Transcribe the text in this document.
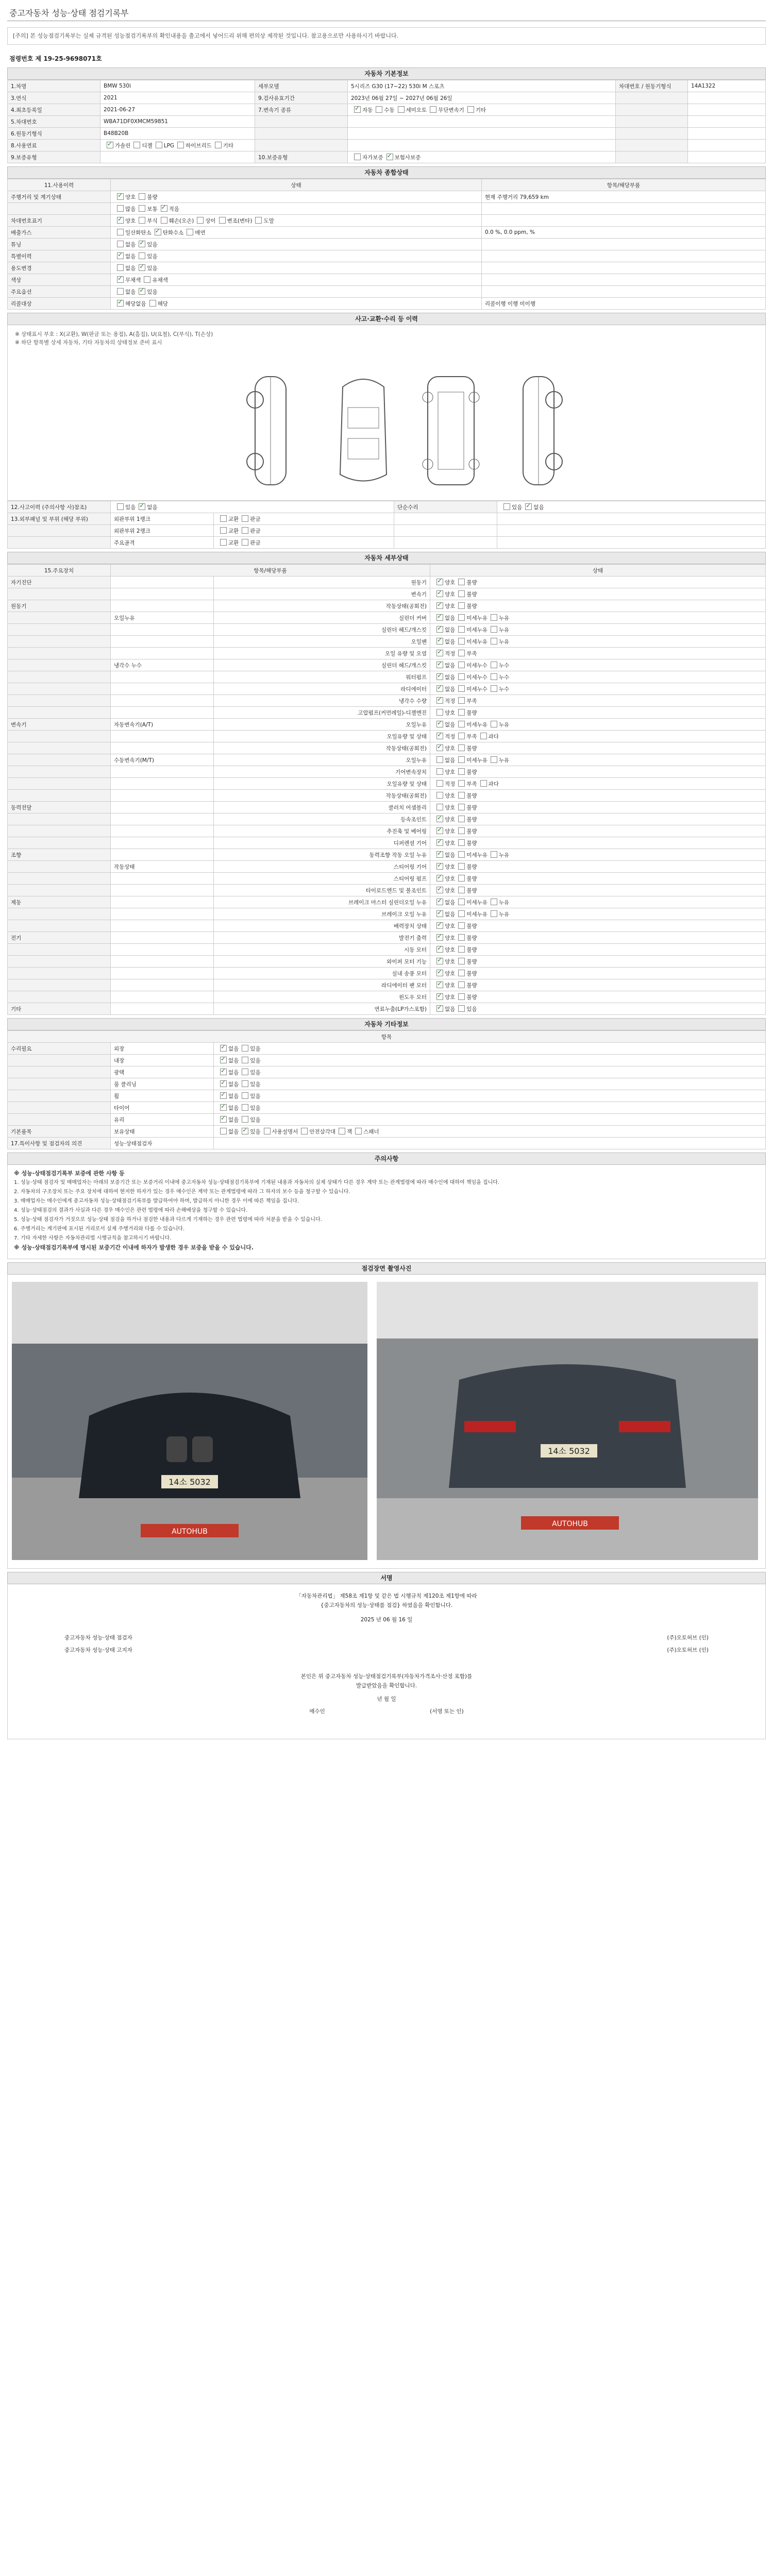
중고자동차 성능·상태 점검기록부
[주의] 본 성능점검기록부는 실제 규격된 성능점검기록부의 확인내용을 출고에서 넣어드리 위해 편의상 제작된 것입니다. 참고용으로만 사용하시기 바랍니다.
점령번호 제 19-25-9698071호
자동차 기본정보
1.차명	BMW 530i	세부모델	5시리즈 G30 (17~22) 530i M 스포츠	차대번호 / 원동기형식	14A1322
3.연식	2021	9.검사유효기간	2023년 06월 27일 ~ 2027년 06월 26일		
4.최초등록일	2021-06-27	7.변속기 종류	✓자동 수동 세미오토 무단변속기 기타		
5.차대번호	WBA71DF0XMCM59851				
6.원동기형식	B48B20B				
8.사용연료	✓가솔린 디젤 LPG 하이브리드 기타				
9.보증유형		10.보증유형	자가보증 ✓ 보험사보증		
자동차 종합상태
11.사용이력	상태	항목/해당부품
주행거리 및 계기상태	✓양호 불량	현재 주행거리 79,659 km
	많음 보통 ✓ 적음	
차대번호표기	✓양호 부식 훼손(오손) 상이 변조(변타) 도말	
배출가스	일산화탄소 ✓ 탄화수소 매연	0.0 %, 0.0 ppm, %
튜닝	없음 ✓ 있음	
특별이력	✓없음 있음	
용도변경	없음 ✓ 있음	
색상	✓무채색 유채색	
주요옵션	없음 ✓ 있음	
리콜대상	✓해당없음 해당	리콜이행 이행 미이행
사고·교환·수리 등 이력
※ 상태표시 부호 : X(교환), W(판금 또는 용접), A(흠집), U(요철), C(부식), T(손상)
※ 하단 항목별 상세 자동차, 기타 자동차의 상태정보 준비 표시
12.사고이력 (주의사항 사)참조)	있음 ✓ 없음		단순수리	있음 ✓ 없음
13.외부패널 및 부위 (해당 부위)	외판부위 1랭크	교환 판금		
	외판부위 2랭크	교환 판금		
	주요골격	교환 판금		
자동차 세부상태
15.주요장치	항목/해당부품		상태
자기진단		원동기	✓양호 불량
		변속기	✓양호 불량
원동기		작동상태(공회전)	✓양호 불량
	오일누유	실린더 커버	✓없음 미세누유 누유
		실린더 헤드/개스킷	✓없음 미세누유 누유
		오일팬	✓없음 미세누유 누유
		오일 유량 및 오염	✓적정 부족
	냉각수 누수	실린더 헤드/개스킷	✓없음 미세누수 누수
		워터펌프	✓없음 미세누수 누수
		라디에이터	✓없음 미세누수 누수
		냉각수 수량	✓적정 부족
		고압펌프(커먼레일)-디젤엔진	양호 불량
변속기	자동변속기(A/T)	오일누유	✓없음 미세누유 누유
		오일유량 및 상태	✓적정 부족 과다
		작동상태(공회전)	✓양호 불량
	수동변속기(M/T)	오일누유	없음 미세누유 누유
		기어변속장치	양호 불량
		오일유량 및 상태	적정 부족 과다
		작동상태(공회전)	양호 불량
동력전달		클러치 어셈블리	양호 불량
		등속조인트	✓양호 불량
		추진축 및 베어링	✓양호 불량
		디퍼렌셜 기어	✓양호 불량
조향		동력조향 작동 오일 누유	✓없음 미세누유 누유
	작동상태	스티어링 기어	✓양호 불량
		스티어링 펌프	✓양호 불량
		타이로드엔드 및 볼조인트	✓양호 불량
제동		브레이크 마스터 실린더오일 누유	✓없음 미세누유 누유
		브레이크 오일 누유	✓없음 미세누유 누유
		배력장치 상태	✓양호 불량
전기		발전기 출력	✓양호 불량
		시동 모터	✓양호 불량
		와이퍼 모터 기능	✓양호 불량
		실내 송풍 모터	✓양호 불량
		라디에이터 팬 모터	✓양호 불량
		윈도우 모터	✓양호 불량
기타		연료누출(LP가스포함)	✓없음 있음
자동차 기타정보
항목		
수리필요	외장	✓없음 있음
	내장	✓없음 있음
	광택	✓없음 있음
	룸 클리닝	✓없음 있음
	휠	✓없음 있음
	타이어	✓없음 있음
	유리	✓없음 있음
기본품목	보유상태	없음 ✓ 있음 사용설명서 안전삼각대 잭 스패너
17.특이사항 및 점검자의 의견	성능·상태점검자	
주의사항

※ 성능·상태점검기록부 보증에 관한 사항 등

1. 성능·상태 점검자 및 매매업자는 아래의 보증기간 또는 보증거리 이내에 중고자동차 성능·상태점검기록부에 기재된 내용과 자동차의 실제 상태가 다른 경우 계약 또는 관계법령에 따라 매수인에 대하여 책임을 집니다.

2. 자동차의 구조장치 또는 주요 장치에 대하여 현저한 하자가 있는 경우 매수인은 계약 또는 관계법령에 따라 그 하자의 보수 등을 청구할 수 있습니다.

3. 매매업자는 매수인에게 중고자동차 성능·상태점검기록부를 발급하여야 하며, 발급하지 아니한 경우 이에 따른 책임을 집니다.

4. 성능·상태점검의 결과가 사실과 다른 경우 매수인은 관련 법령에 따라 손해배상을 청구할 수 있습니다.

5. 성능·상태 점검자가 거짓으로 성능·상태 점검을 하거나 점검한 내용과 다르게 기재하는 경우 관련 법령에 따라 처분을 받을 수 있습니다.

6. 주행거리는 계기판에 표시된 거리로서 실제 주행거리와 다를 수 있습니다.

7. 기타 자세한 사항은 자동차관리법 시행규칙을 참고하시기 바랍니다.

※ 성능·상태점검기록부에 명시된 보증기간 이내에 하자가 발생한 경우 보증을 받을 수 있습니다.

점검장면 촬영사진
14소 5032
AUTOHUB
14소 5032
AUTOHUB
서명
「자동차관리법」 제58조 제1항 및 같은 법 시행규칙 제120조 제1항에 따라
{중고자동차의 성능·상태를 점검} 하였음을 확인합니다.
2025 년 06 월 16 일
중고자동차 성능·상태 점검자	(주)오토허브 (인)
중고자동차 성능·상태 고지자	(주)오토허브 (인)
본인은 위 중고자동차 성능·상태점검기록부(자동차가격조사·산정 포함)를
발급받았음을 확인합니다.
년 월 일
매수인	(서명 또는 인)
